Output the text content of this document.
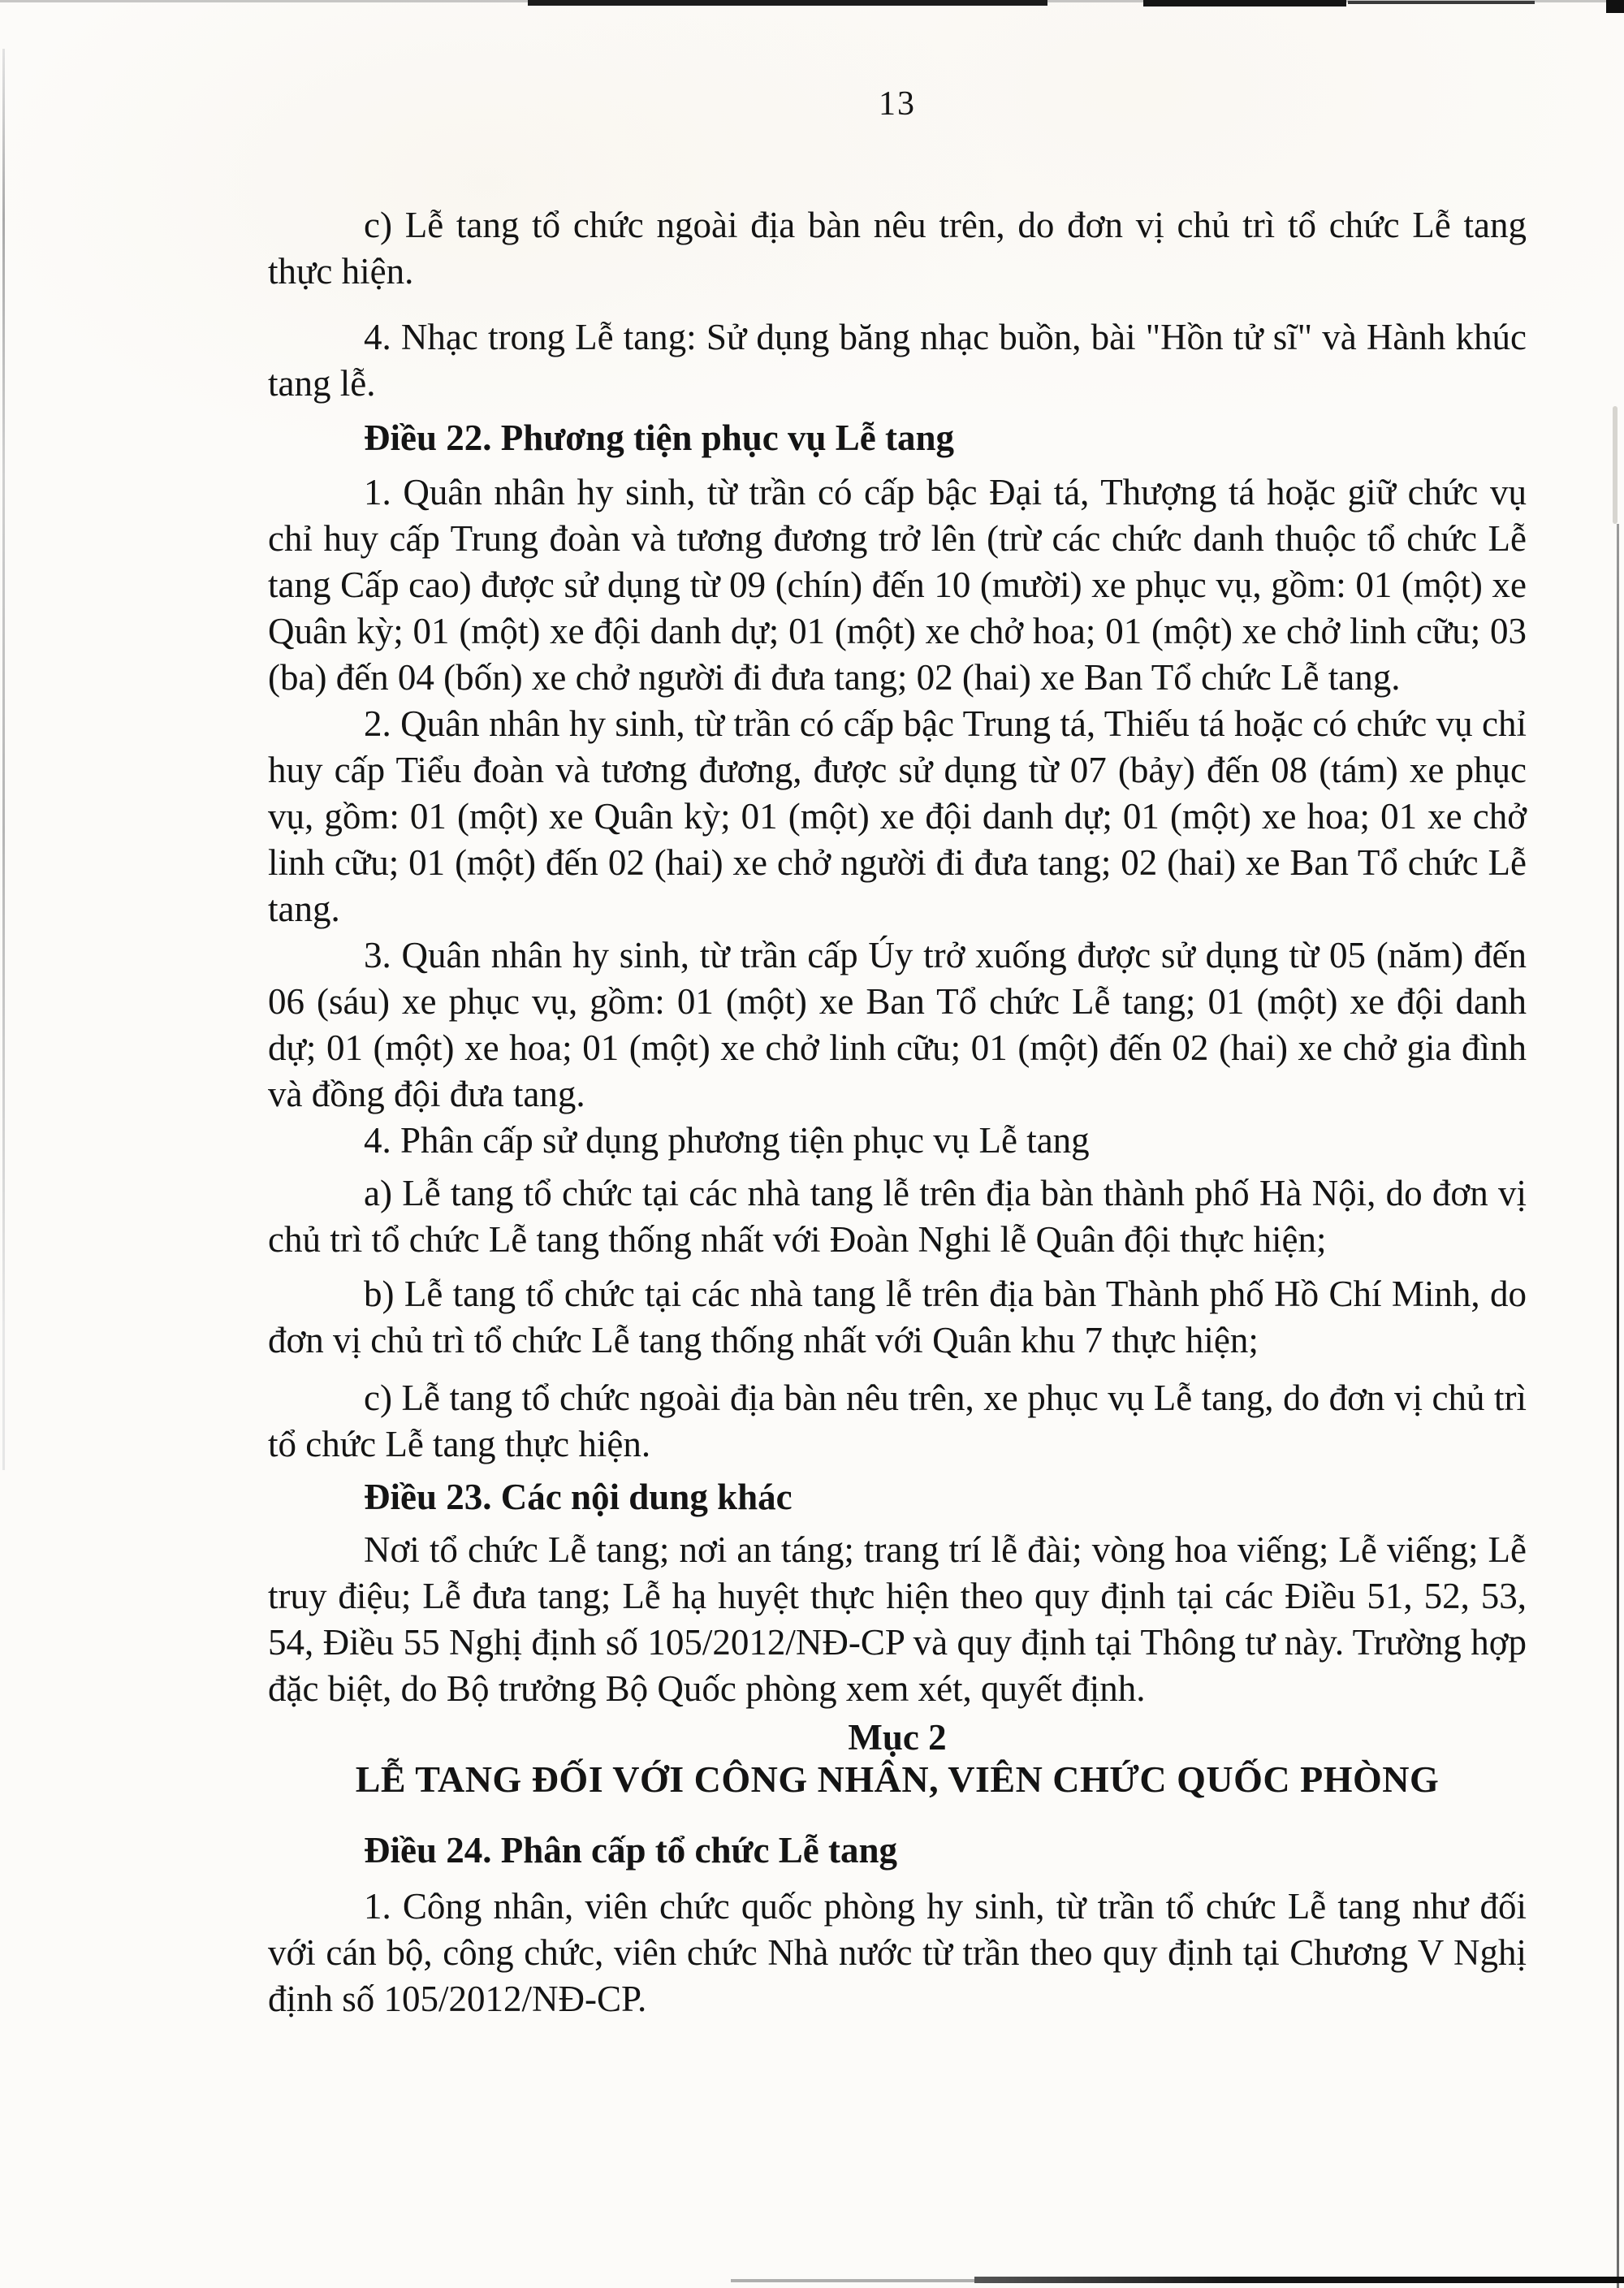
13

c) Lễ tang tổ chức ngoài địa bàn nêu trên, do đơn vị chủ trì tổ chức Lễ tang thực hiện.

4. Nhạc trong Lễ tang: Sử dụng băng nhạc buồn, bài "Hồn tử sĩ" và Hành khúc tang lễ.

Điều 22. Phương tiện phục vụ Lễ tang

1. Quân nhân hy sinh, từ trần có cấp bậc Đại tá, Thượng tá hoặc giữ chức vụ chỉ huy cấp Trung đoàn và tương đương trở lên (trừ các chức danh thuộc tổ chức Lễ tang Cấp cao) được sử dụng từ 09 (chín) đến 10 (mười) xe phục vụ, gồm: 01 (một) xe Quân kỳ; 01 (một) xe đội danh dự; 01 (một) xe chở hoa; 01 (một) xe chở linh cữu; 03 (ba) đến 04 (bốn) xe chở người đi đưa tang; 02 (hai) xe Ban Tổ chức Lễ tang.

2. Quân nhân hy sinh, từ trần có cấp bậc Trung tá, Thiếu tá hoặc có chức vụ chỉ huy cấp Tiểu đoàn và tương đương, được sử dụng từ 07 (bảy) đến 08 (tám) xe phục vụ, gồm: 01 (một) xe Quân kỳ; 01 (một) xe đội danh dự; 01 (một) xe hoa; 01 xe chở linh cữu; 01 (một) đến 02 (hai) xe chở người đi đưa tang; 02 (hai) xe Ban Tổ chức Lễ tang.

3. Quân nhân hy sinh, từ trần cấp Úy trở xuống được sử dụng từ 05 (năm) đến 06 (sáu) xe phục vụ, gồm: 01 (một) xe Ban Tổ chức Lễ tang; 01 (một) xe đội danh dự; 01 (một) xe hoa; 01 (một) xe chở linh cữu; 01 (một) đến 02 (hai) xe chở gia đình và đồng đội đưa tang.

4. Phân cấp sử dụng phương tiện phục vụ Lễ tang

a) Lễ tang tổ chức tại các nhà tang lễ trên địa bàn thành phố Hà Nội, do đơn vị chủ trì tổ chức Lễ tang thống nhất với Đoàn Nghi lễ Quân đội thực hiện;

b) Lễ tang tổ chức tại các nhà tang lễ trên địa bàn Thành phố Hồ Chí Minh, do đơn vị chủ trì tổ chức Lễ tang thống nhất với Quân khu 7 thực hiện;

c) Lễ tang tổ chức ngoài địa bàn nêu trên, xe phục vụ Lễ tang, do đơn vị chủ trì tổ chức Lễ tang thực hiện.

Điều 23. Các nội dung khác

Nơi tổ chức Lễ tang; nơi an táng; trang trí lễ đài; vòng hoa viếng; Lễ viếng; Lễ truy điệu; Lễ đưa tang; Lễ hạ huyệt thực hiện theo quy định tại các Điều 51, 52, 53, 54, Điều 55 Nghị định số 105/2012/NĐ-CP và quy định tại Thông tư này. Trường hợp đặc biệt, do Bộ trưởng Bộ Quốc phòng xem xét, quyết định.

Mục 2

LỄ TANG ĐỐI VỚI CÔNG NHÂN, VIÊN CHỨC QUỐC PHÒNG
Điều 24. Phân cấp tổ chức Lễ tang

1. Công nhân, viên chức quốc phòng hy sinh, từ trần tổ chức Lễ tang như đối với cán bộ, công chức, viên chức Nhà nước từ trần theo quy định tại Chương V Nghị định số 105/2012/NĐ-CP.
